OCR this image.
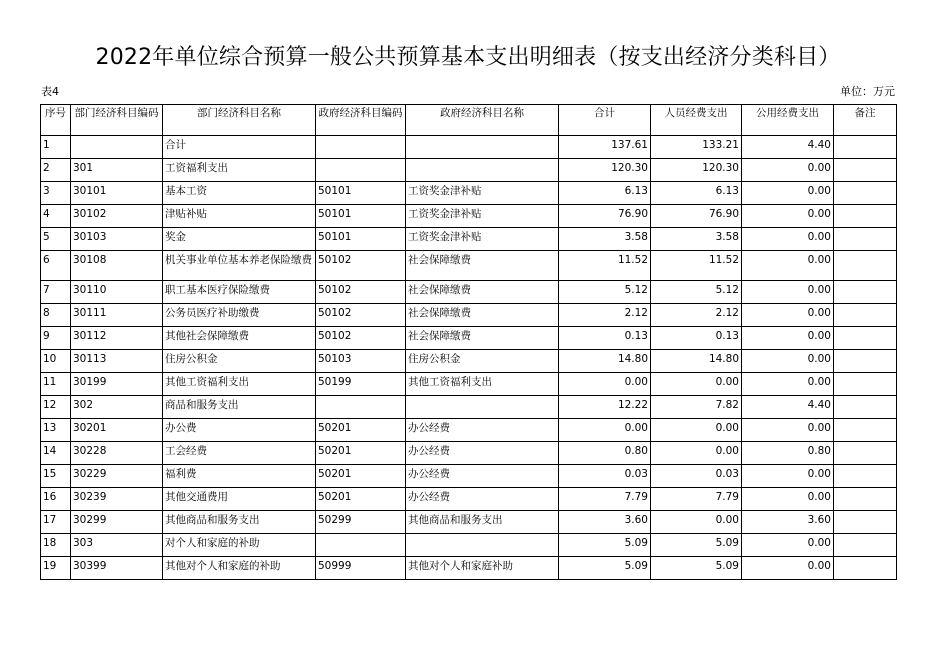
2022年单位综合预算一般公共预算基本支出明细表（按支出经济分类科目）
表4	单位：万元
序号	部门经济科目编码	部门经济科目名称	政府经济科目编码	政府经济科目名称	合计	人员经费支出	公用经费支出	备注
1		合计			137.61	133.21	4.40	
2	301	工资福利支出			120.30	120.30	0.00	
3	30101	基本工资	50101	工资奖金津补贴	6.13	6.13	0.00	
4	30102	津贴补贴	50101	工资奖金津补贴	76.90	76.90	0.00	
5	30103	奖金	50101	工资奖金津补贴	3.58	3.58	0.00	
6	30108	机关事业单位基本养老保险缴费	50102	社会保障缴费	11.52	11.52	0.00	
7	30110	职工基本医疗保险缴费	50102	社会保障缴费	5.12	5.12	0.00	
8	30111	公务员医疗补助缴费	50102	社会保障缴费	2.12	2.12	0.00	
9	30112	其他社会保障缴费	50102	社会保障缴费	0.13	0.13	0.00	
10	30113	住房公积金	50103	住房公积金	14.80	14.80	0.00	
11	30199	其他工资福利支出	50199	其他工资福利支出	0.00	0.00	0.00	
12	302	商品和服务支出			12.22	7.82	4.40	
13	30201	办公费	50201	办公经费	0.00	0.00	0.00	
14	30228	工会经费	50201	办公经费	0.80	0.00	0.80	
15	30229	福利费	50201	办公经费	0.03	0.03	0.00	
16	30239	其他交通费用	50201	办公经费	7.79	7.79	0.00	
17	30299	其他商品和服务支出	50299	其他商品和服务支出	3.60	0.00	3.60	
18	303	对个人和家庭的补助			5.09	5.09	0.00	
19	30399	其他对个人和家庭的补助	50999	其他对个人和家庭补助	5.09	5.09	0.00	
